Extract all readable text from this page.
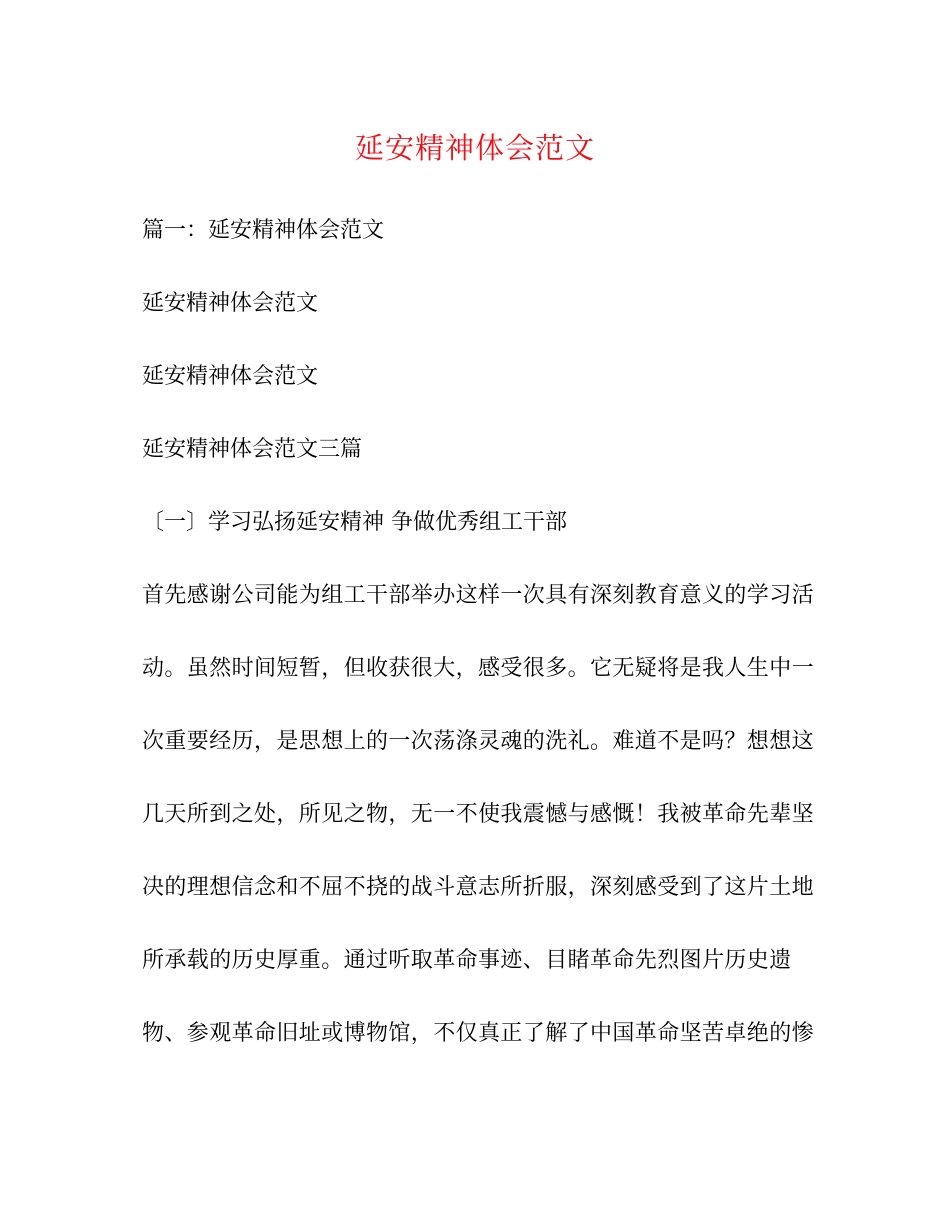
延安精神体会范文
篇一：延安精神体会范文
延安精神体会范文
延安精神体会范文
延安精神体会范文三篇
〔一〕学习弘扬延安精神 争做优秀组工干部
首先感谢公司能为组工干部举办这样一次具有深刻教育意义的学习活
动。虽然时间短暂，但收获很大，感受很多。它无疑将是我人生中一
次重要经历，是思想上的一次荡涤灵魂的洗礼。难道不是吗？想想这
几天所到之处，所见之物，无一不使我震憾与感慨！我被革命先辈坚
决的理想信念和不屈不挠的战斗意志所折服，深刻感受到了这片土地
所承载的历史厚重。通过听取革命事迹、目睹革命先烈图片历史遗
物、参观革命旧址或博物馆，不仅真正了解了中国革命坚苦卓绝的惨
